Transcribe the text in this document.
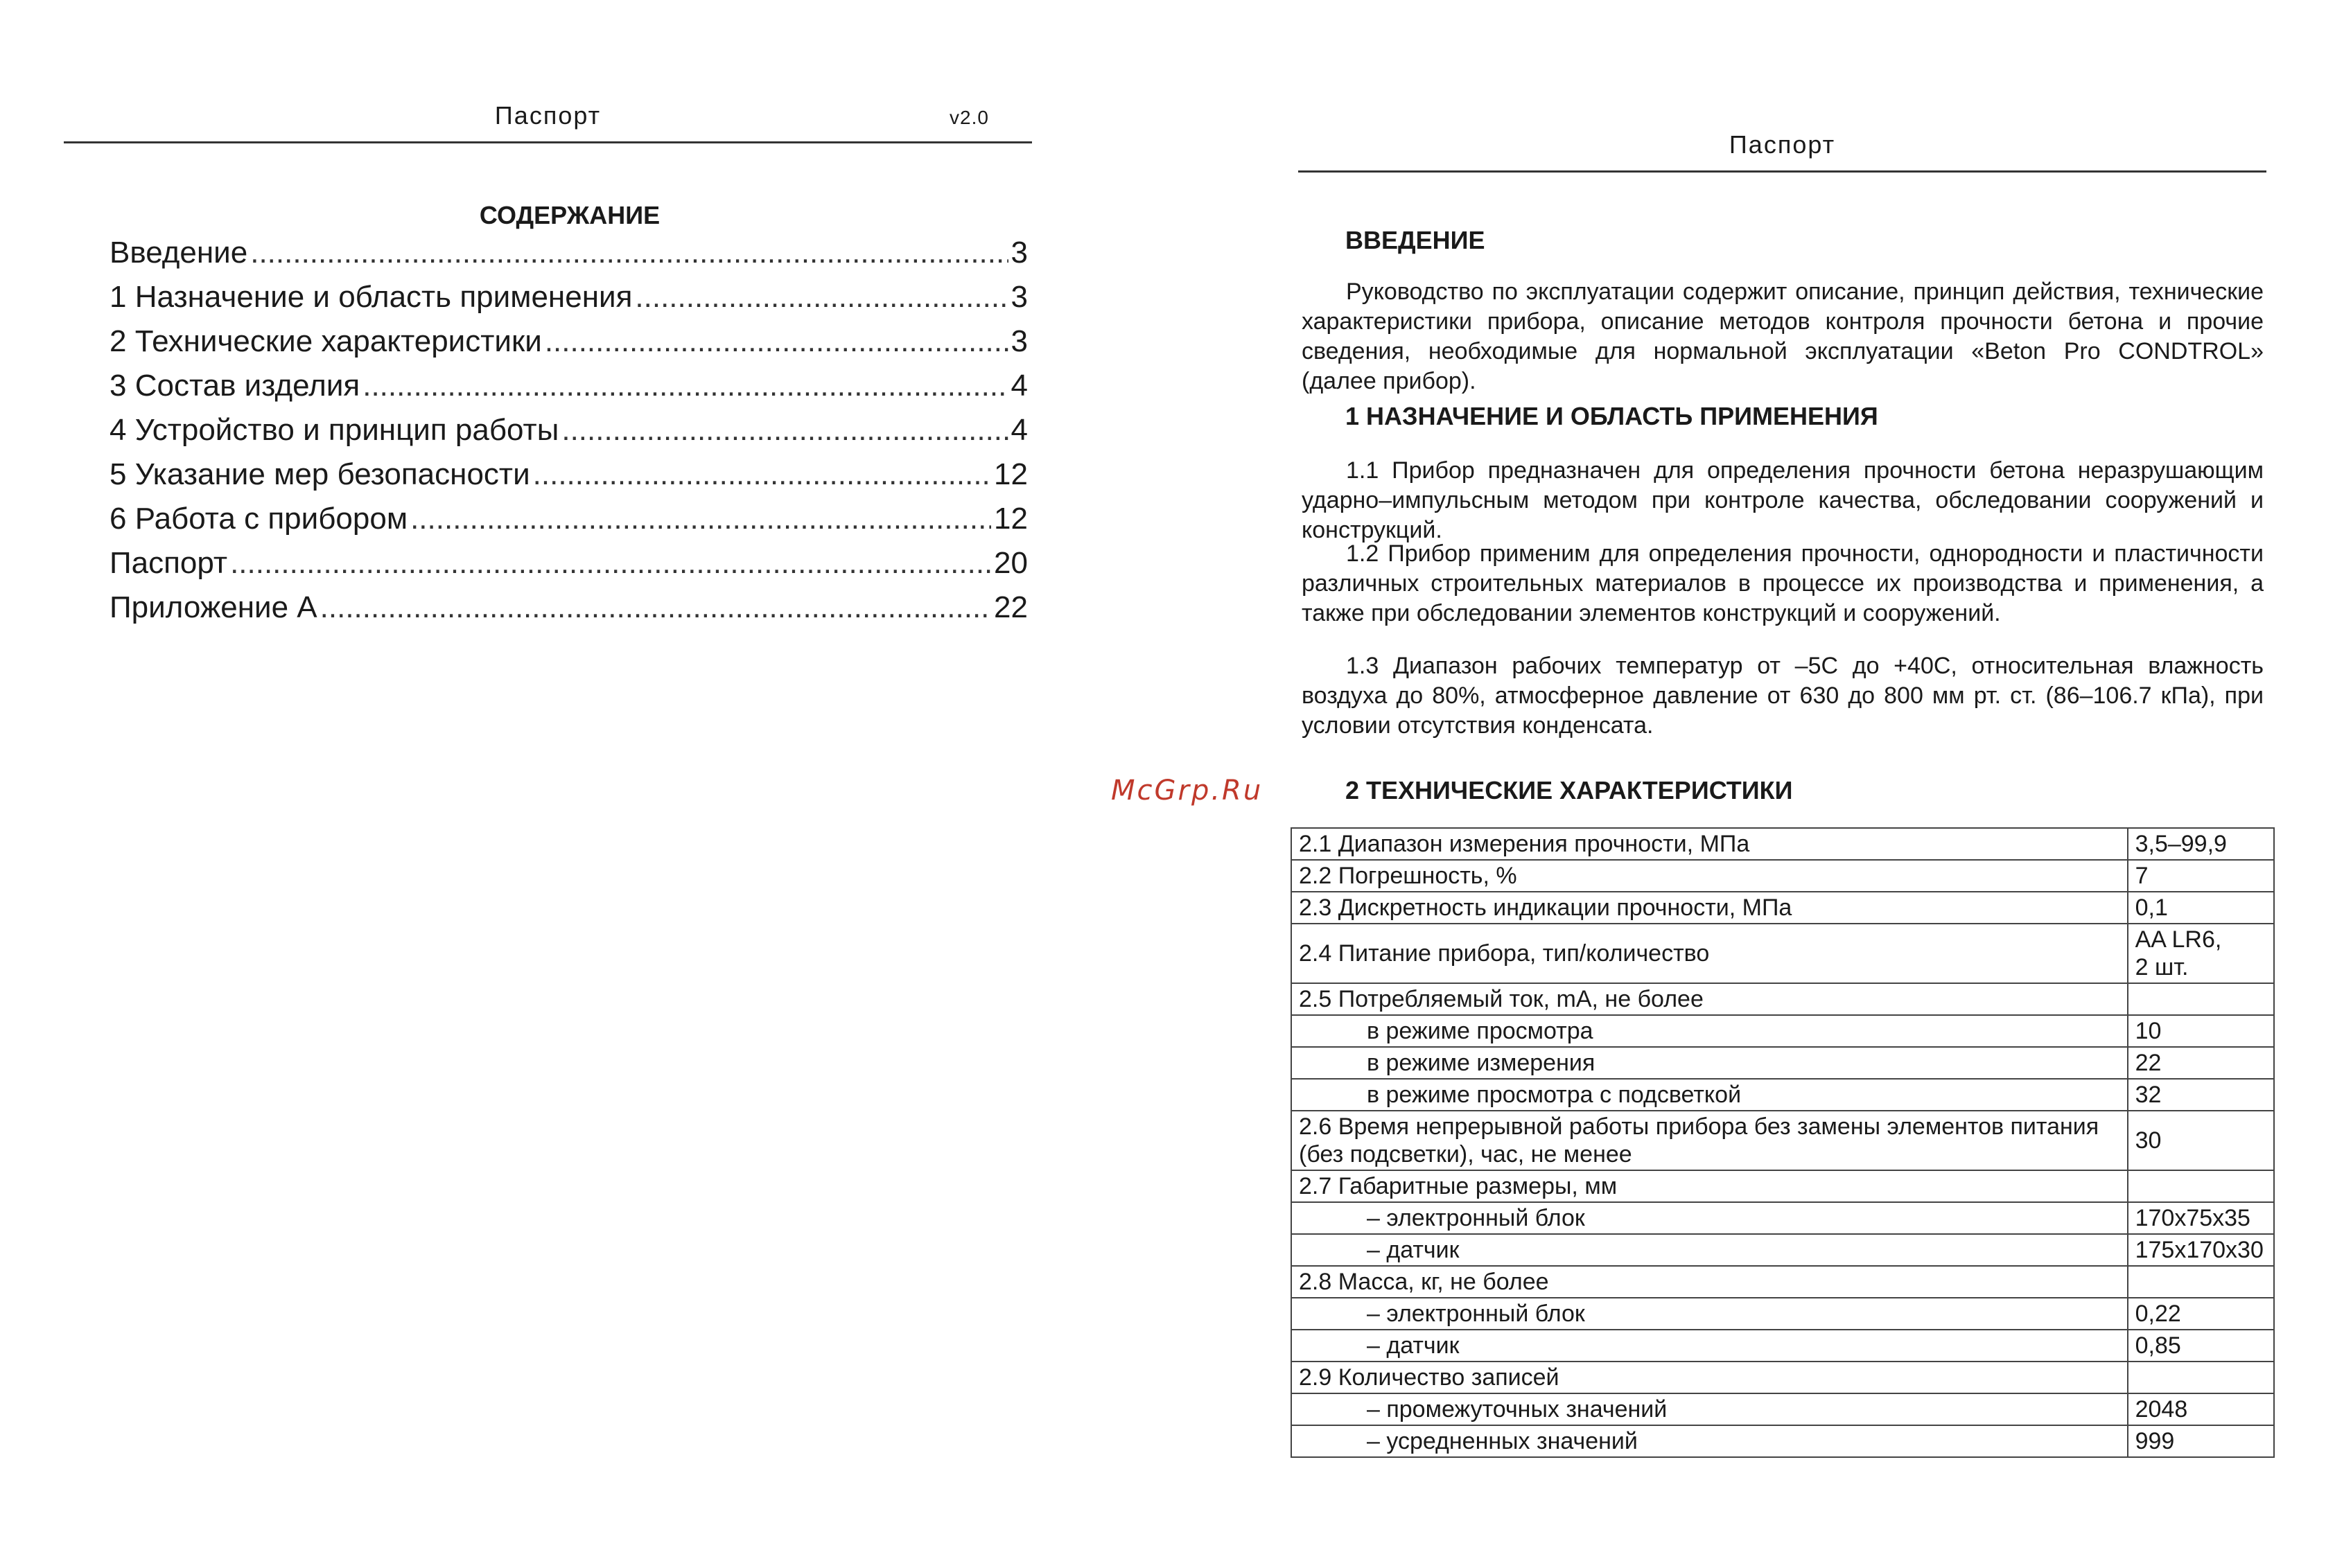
Паспорт	v2.0
СОДЕРЖАНИЕ
Введение .....	3
1 Назначение и область применения .....	3
2 Технические характеристики .....	3
3 Состав изделия .....	4
4 Устройство и принцип работы .....	4
5 Указание мер безопасности .....	12
6 Работа с прибором .....	12
Паспорт .....	20
Приложение А .....	22
Паспорт
ВВЕДЕНИЕ
Руководство по эксплуатации содержит описание, принцип действия, технические характеристики прибора, описание методов контроля прочности бетона и прочие сведения, необходимые для нормальной эксплуатации «Beton Pro CONDTROL» (далее прибор).
1 НАЗНАЧЕНИЕ И ОБЛАСТЬ ПРИМЕНЕНИЯ
1.1 Прибор предназначен для определения прочности бетона неразрушающим ударно–импульсным методом при контроле качества, обследовании сооружений и конструкций.
1.2 Прибор применим для определения прочности, однородности и пластичности различных строительных материалов в процессе их производства и применения, а также при обследовании элементов конструкций и сооружений.
1.3 Диапазон рабочих температур от –5С до +40С, относительная влажность воздуха до 80%, атмосферное давление от 630 до 800 мм рт. ст. (86–106.7 кПа), при условии отсутствия конденсата.
2 ТЕХНИЧЕСКИЕ ХАРАКТЕРИСТИКИ
McGrp.Ru
2.1 Диапазон измерения прочности, МПа	3,5–99,9
2.2 Погрешность, %	7
2.3 Дискретность индикации прочности, МПа	0,1
2.4 Питание прибора, тип/количество	AA LR6,
2 шт.
2.5 Потребляемый ток, mA, не более	
в режиме просмотра	10
в режиме измерения	22
в режиме просмотра с подсветкой	32
2.6 Время непрерывной работы прибора без замены элементов питания (без подсветки), час, не менее	30
2.7 Габаритные размеры, мм	
– электронный блок	170х75х35
– датчик	175х170х30
2.8 Масса, кг, не более	
– электронный блок	0,22
– датчик	0,85
2.9 Количество записей	
– промежуточных значений	2048
– усредненных значений	999
